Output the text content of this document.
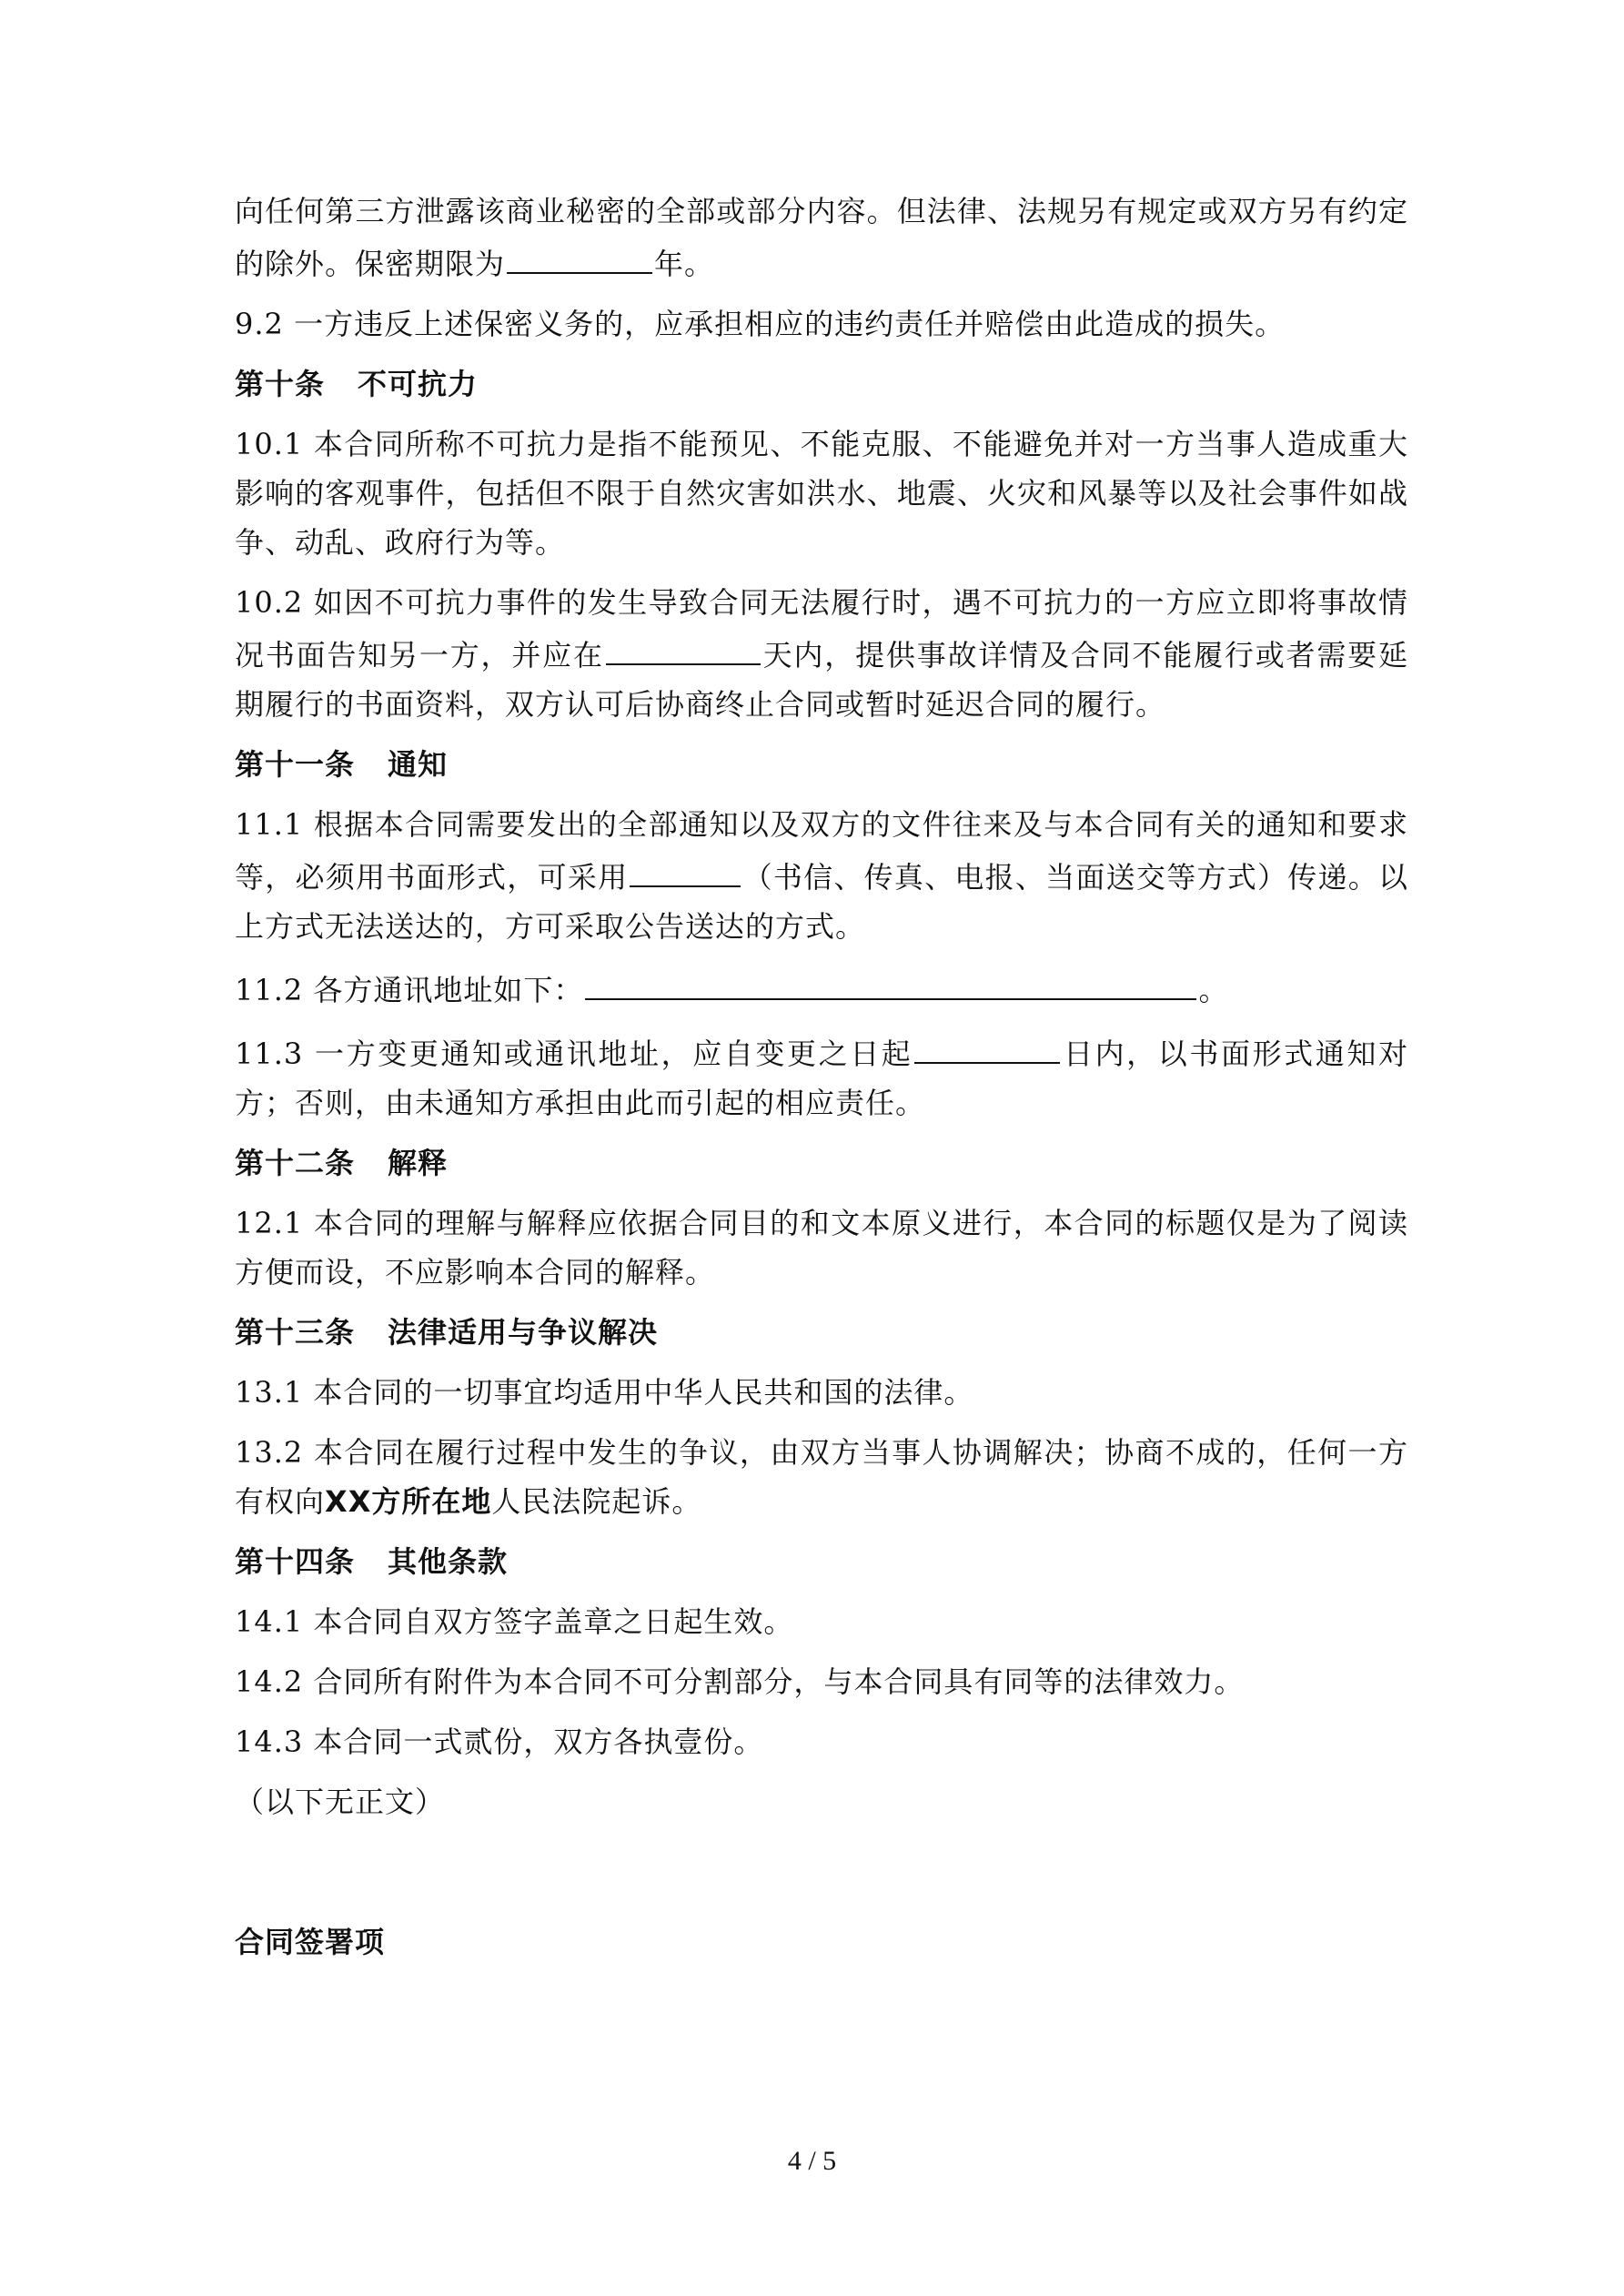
向任何第三方泄露该商业秘密的全部或部分内容。但法律、法规另有规定或双方另有约定的除外。保密期限为	年。

9.2 一方违反上述保密义务的，应承担相应的违约责任并赔偿由此造成的损失。

第十条 不可抗力

10.1 本合同所称不可抗力是指不能预见、不能克服、不能避免并对一方当事人造成重大影响的客观事件，包括但不限于自然灾害如洪水、地震、火灾和风暴等以及社会事件如战争、动乱、政府行为等。

10.2 如因不可抗力事件的发生导致合同无法履行时，遇不可抗力的一方应立即将事故情况书面告知另一方，并应在	天内，提供事故详情及合同不能履行或者需要延期履行的书面资料，双方认可后协商终止合同或暂时延迟合同的履行。

第十一条 通知

11.1 根据本合同需要发出的全部通知以及双方的文件往来及与本合同有关的通知和要求等，必须用书面形式，可采用	（书信、传真、电报、当面送交等方式）传递。以上方式无法送达的，方可采取公告送达的方式。

11.2 各方通讯地址如下：	。

11.3 一方变更通知或通讯地址，应自变更之日起	日内，以书面形式通知对方；否则，由未通知方承担由此而引起的相应责任。

第十二条 解释

12.1 本合同的理解与解释应依据合同目的和文本原义进行，本合同的标题仅是为了阅读方便而设，不应影响本合同的解释。

第十三条 法律适用与争议解决

13.1 本合同的一切事宜均适用中华人民共和国的法律。

13.2 本合同在履行过程中发生的争议，由双方当事人协调解决；协商不成的，任何一方有权向XX方所在地人民法院起诉。

第十四条 其他条款

14.1 本合同自双方签字盖章之日起生效。

14.2 合同所有附件为本合同不可分割部分，与本合同具有同等的法律效力。

14.3 本合同一式贰份，双方各执壹份。

（以下无正文）

合同签署项

4 / 5
